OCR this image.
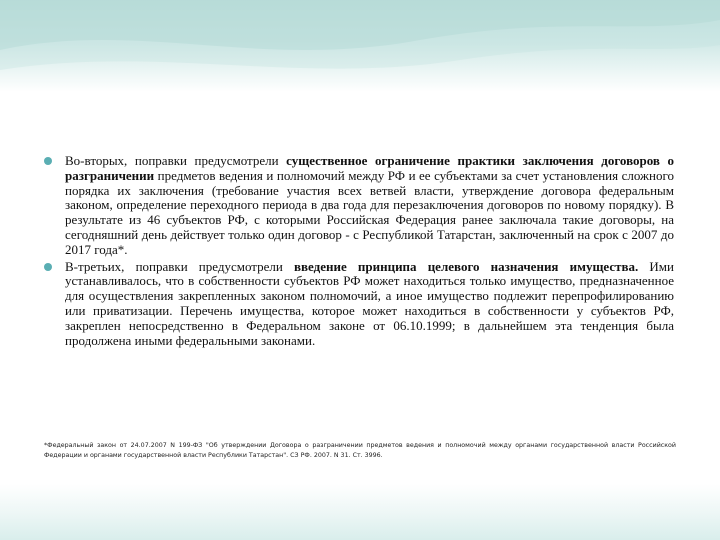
Во-вторых, поправки предусмотрели существенное ограничение практики заключения договоров о разграничении предметов ведения и полномочий между РФ и ее субъектами за счет установления сложного порядка их заключения (требование участия всех ветвей власти, утверждение договора федеральным законом, определение переходного периода в два года для перезаключения договоров по новому порядку). В результате из 46 субъектов РФ, с которыми Российская Федерация ранее заключала такие договоры, на сегодняшний день действует только один договор - с Республикой Татарстан, заключенный на срок с 2007 до 2017 года*.

В-третьих, поправки предусмотрели введение принципа целевого назначения имущества. Ими устанавливалось, что в собственности субъектов РФ может находиться только имущество, предназначенное для осуществления закрепленных законом полномочий, а иное имущество подлежит перепрофилированию или приватизации. Перечень имущества, которое может находиться в собственности у субъектов РФ, закреплен непосредственно в Федеральном законе от 06.10.1999; в дальнейшем эта тенденция была продолжена иными федеральными законами.

*Федеральный закон от 24.07.2007 N 199-ФЗ "Об утверждении Договора о разграничении предметов ведения и полномочий между органами государственной власти Российской Федерации и органами государственной власти Республики Татарстан". СЗ РФ. 2007. N 31. Ст. 3996.
